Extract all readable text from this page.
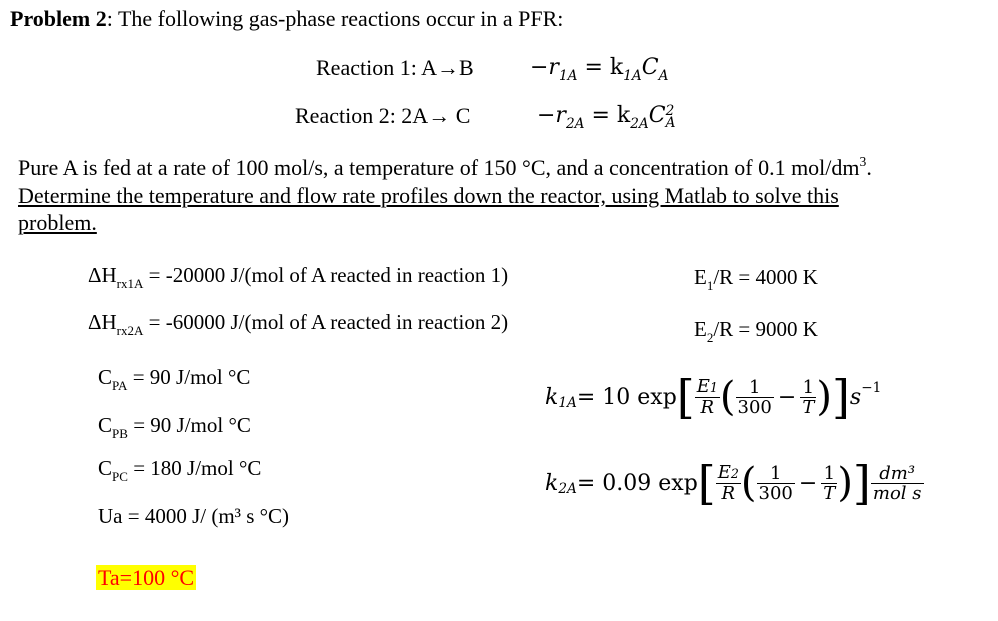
Problem 2: The following gas-phase reactions occur in a PFR:
Reaction 1: A→B	$-r_{1A} = k_{1A}C_A$
Reaction 2: 2A→ C	$-r_{2A} = k_{2A}C$ 2
A
Pure A is fed at a rate of 100 mol/s, a temperature of 150 °C, and a concentration of 0.1 mol/$dm^3$.
Determine the temperature and flow rate profiles down the reactor, using Matlab to solve this
problem.
$\Delta H_{rx1A} = -20000$ J/(mol of A reacted in reaction 1)
$\Delta H_{rx2A} = -60000$ J/(mol of A reacted in reaction 2)
$C_{PA} = 90$ J/mol °C
$C_{PB} = 90$ J/mol °C
$C_{PC} = 180$ J/mol °C
Ua = 4000 J/ (m³ s °C)
$E_1/R = 4000$ K
$E_2/R = 9000$ K
k 1A = 10 exp [ $\frac{E1}{R}$ ( $\frac{1}{300} - \frac{1}{T}$ ) ] s −1
k 2A = 0.09 exp [ $\frac{E2}{R}$ ( $\frac{1}{300} - \frac{1}{T}$ ) ] $\frac{\text{dm³}}{\text{mol s}}$
Ta=100 °C
